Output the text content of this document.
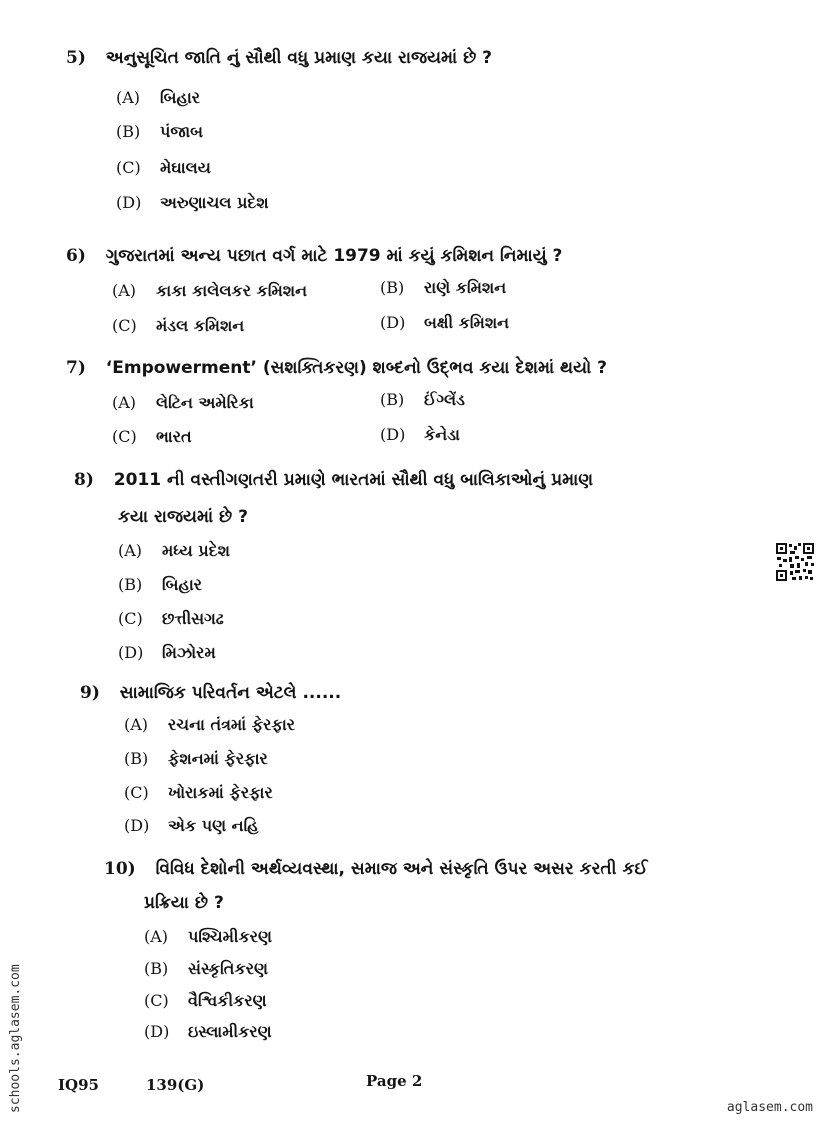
5) અનુસૂચિત જાતિ નું સૌથી વધુ પ્રમાણ કયા રાજયમાં છે ?
(A) બિહાર
(B) પંજાબ
(C) મેઘાલય
(D) અરુણાચલ પ્રદેશ
6) ગુજરાતમાં અન્ય પછાત વર્ગ માટે 1979 માં કયું કમિશન નિમાયું ?
(A) કાકા કાલેલકર કમિશન	(B) રાણે કમિશન
(C) મંડલ કમિશન	(D) બક્ષી કમિશન
7) ‘Empowerment’ (સશક્તિકરણ) શબ્દનો ઉદ્ભવ કયા દેશમાં થયો ?
(A) લેટિન અમેરિકા	(B) ઈંગ્લેંડ
(C) ભારત	(D) કેનેડા
8) 2011 ની વસ્તીગણતરી પ્રમાણે ભારતમાં સૌથી વધુ બાલિકાઓનું પ્રમાણ
કયા રાજયમાં છે ?
(A) મધ્ય પ્રદેશ
(B) બિહાર
(C) છત્તીસગઢ
(D) મિઝોરમ
9) સામાજિક પરિવર્તન એટલે ......
(A) રચના તંત્રમાં ફેરફાર
(B) ફેશનમાં ફેરફાર
(C) ખોરાકમાં ફેરફાર
(D) એક પણ નહિ
10) વિવિધ દેશોની અર્થવ્યવસ્થા, સમાજ અને સંસ્કૃતિ ઉપર અસર કરતી કઈ
પ્રક્રિયા છે ?
(A) પશ્ચિમીકરણ
(B) સંસ્કૃતિકરણ
(C) વૈશ્વિકીકરણ
(D) ઇસ્લામીકરણ
IQ95	139(G)	Page 2
schools.aglasem.com	aglasem.com
